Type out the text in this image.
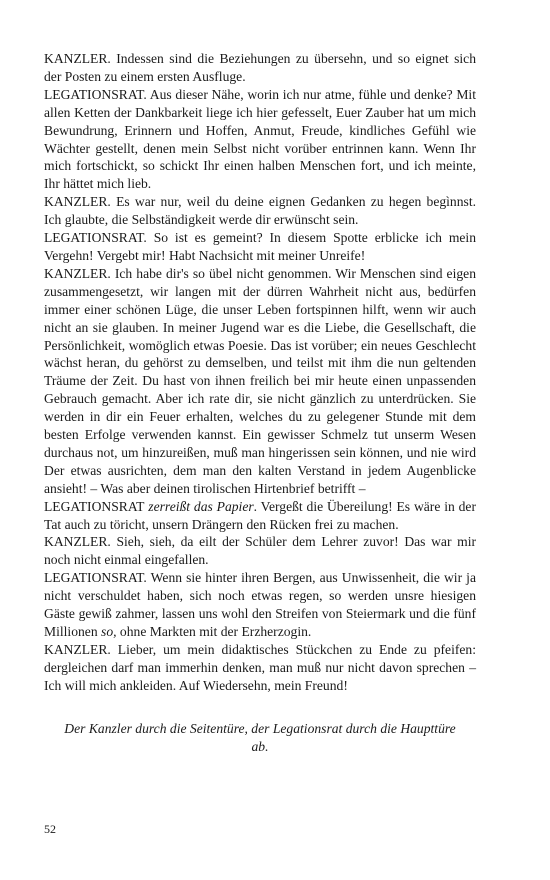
KANZLER. Indessen sind die Beziehungen zu übersehn, und so eignet sich der Posten zu einem ersten Ausfluge.

LEGATIONSRAT. Aus dieser Nähe, worin ich nur atme, fühle und denke? Mit allen Ketten der Dankbarkeit liege ich hier gefesselt, Euer Zauber hat um mich Bewundrung, Erinnern und Hoffen, Anmut, Freude, kindliches Gefühl wie Wächter gestellt, denen mein Selbst nicht vorüber entrinnen kann. Wenn Ihr mich fortschickt, so schickt Ihr einen halben Menschen fort, und ich meinte, Ihr hättet mich lieb.

KANZLER. Es war nur, weil du deine eignen Gedanken zu hegen begìnnst. Ich glaubte, die Selbständigkeit werde dir erwünscht sein.

LEGATIONSRAT. So ist es gemeint? In diesem Spotte erblicke ich mein Vergehn! Vergebt mir! Habt Nachsicht mit meiner Unreife!

KANZLER. Ich habe dir's so übel nicht genommen. Wir Menschen sind eigen zusammengesetzt, wir langen mit der dürren Wahrheit nicht aus, bedürfen immer einer schönen Lüge, die unser Leben fortspinnen hilft, wenn wir auch nicht an sie glauben. In meiner Jugend war es die Liebe, die Gesellschaft, die Persönlichkeit, womöglich etwas Poesie. Das ist vorüber; ein neues Geschlecht wächst heran, du gehörst zu demselben, und teilst mit ihm die nun geltenden Träume der Zeit. Du hast von ihnen freilich bei mir heute einen unpassenden Gebrauch gemacht. Aber ich rate dir, sie nicht gänzlich zu unterdrücken. Sie werden in dir ein Feuer erhalten, welches du zu gelegener Stunde mit dem besten Erfolge verwenden kannst. Ein gewisser Schmelz tut unserm Wesen durchaus not, um hinzureißen, muß man hingerissen sein können, und nie wird Der etwas ausrichten, dem man den kalten Verstand in jedem Augenblicke ansieht! – Was aber deinen tirolischen Hirtenbrief betrifft –

LEGATIONSRAT zerreißt das Papier. Vergeßt die Übereilung! Es wäre in der Tat auch zu töricht, unsern Drängern den Rücken frei zu machen.

KANZLER. Sieh, sieh, da eilt der Schüler dem Lehrer zuvor! Das war mir noch nicht einmal eingefallen.

LEGATIONSRAT. Wenn sie hinter ihren Bergen, aus Unwissenheit, die wir ja nicht verschuldet haben, sich noch etwas regen, so werden unsre hiesigen Gäste gewiß zahmer, lassen uns wohl den Streifen von Steiermark und die fünf Millionen so, ohne Markten mit der Erzherzogin.

KANZLER. Lieber, um mein didaktisches Stückchen zu Ende zu pfeifen: dergleichen darf man immerhin denken, man muß nur nicht davon sprechen – Ich will mich ankleiden. Auf Wiedersehn, mein Freund!

Der Kanzler durch die Seitentüre, der Legationsrat durch die Haupttüre
ab.

52
